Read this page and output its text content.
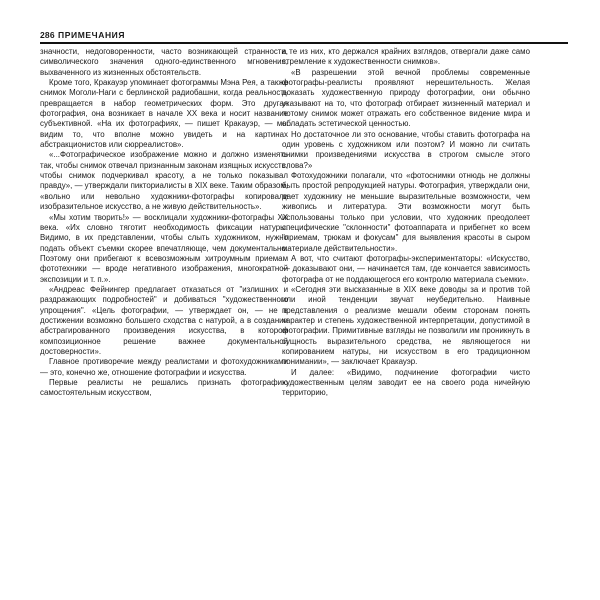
286 ПРИМЕЧАНИЯ

значности, недоговоренности, часто возникающей странности, символического значения одного-единственного мгновения, выхваченного из жизненных обстоятельств.

Кроме того, Кракауэр упоминает фотограммы Мэна Рея, а также снимок Моголи-Наги с берлинской радиобашни, когда реальность превращается в набор геометрических форм. Это другая фотография, она возникает в начале XX века и носит название субъективной. «На их фотографиях, — пишет Кракауэр, — мы видим то, что вполне можно увидеть и на картинах абстракционистов или сюрреалистов».

«...Фотографическое изображение можно и должно изменять так, чтобы снимок отвечал признанным законам изящных искусств, чтобы снимок подчеркивал красоту, а не только показывал правду», — утверждали пикториалисты в XIX веке. Таким образом, «вольно или невольно художники-фотографы копировали изобразительное искусство, а не живую действительность».

«Мы хотим творить!» — восклицали художники-фотографы XX века. «Их словно тяготит необходимость фиксации натуры. Видимо, в их представлении, чтобы слыть художником, нужно подать объект съемки скорее впечатляюще, чем документально. Поэтому они прибегают к всевозможным хитроумным приемам фототехники — вроде негативного изображения, многократной экспозиции и т. п.».

«Андреас Фейнингер предлагает отказаться от "излишних и раздражающих подробностей" и добиваться "художественного упрощения". «Цель фотографии, — утверждает он, — не в достижении возможно большего сходства с натурой, а в создании абстрагированного произведения искусства, в котором композиционное решение важнее документальной достоверности».

Главное противоречие между реалистами и фотохудожниками — это, конечно же, отношение фотографии и искусства.

Первые реалисты не решались признать фотографию самостоятельным искусством,

а те из них, кто держался крайних взглядов, отвергали даже само стремление к художественности снимков».

«В разрешении этой вечной проблемы современные фотографы-реалисты проявляют нерешительность. Желая доказать художественную природу фотографии, они обычно указывают на то, что фотограф отбирает жизненный материал и потому снимок может отражать его собственное видение мира и обладать эстетической ценностью.

Но достаточное ли это основание, чтобы ставить фотографа на один уровень с художником или поэтом? И можно ли считать снимки произведениями искусства в строгом смысле этого слова?»

Фотохудожники полагали, что «фотоснимки отнюдь не должны быть простой репродукцией натуры. Фотография, утверждали они, дает художнику не меньшие выразительные возможности, чем живопись и литература. Эти возможности могут быть использованы только при условии, что художник преодолеет специфические "склонности" фотоаппарата и прибегнет ко всем "приемам, трюкам и фокусам" для выявления красоты в сыром материале действительности».

А вот, что считают фотографы-экспериментаторы: «Искусство, — доказывают они, — начинается там, где кончается зависимость фотографа от не поддающегося его контролю материала съемки».

«Сегодня эти высказанные в XIX веке доводы за и против той или иной тенденции звучат неубедительно. Наивные представления о реализме мешали обеим сторонам понять характер и степень художественной интерпретации, допустимой в фотографии. Примитивные взгляды не позволили им проникнуть в сущность выразительного средства, не являющегося ни копированием натуры, ни искусством в его традиционном понимании», — заключает Кракауэр.

И далее: «Видимо, подчинение фотографии чисто художественным целям заводит ее на своего рода ничейную территорию,
